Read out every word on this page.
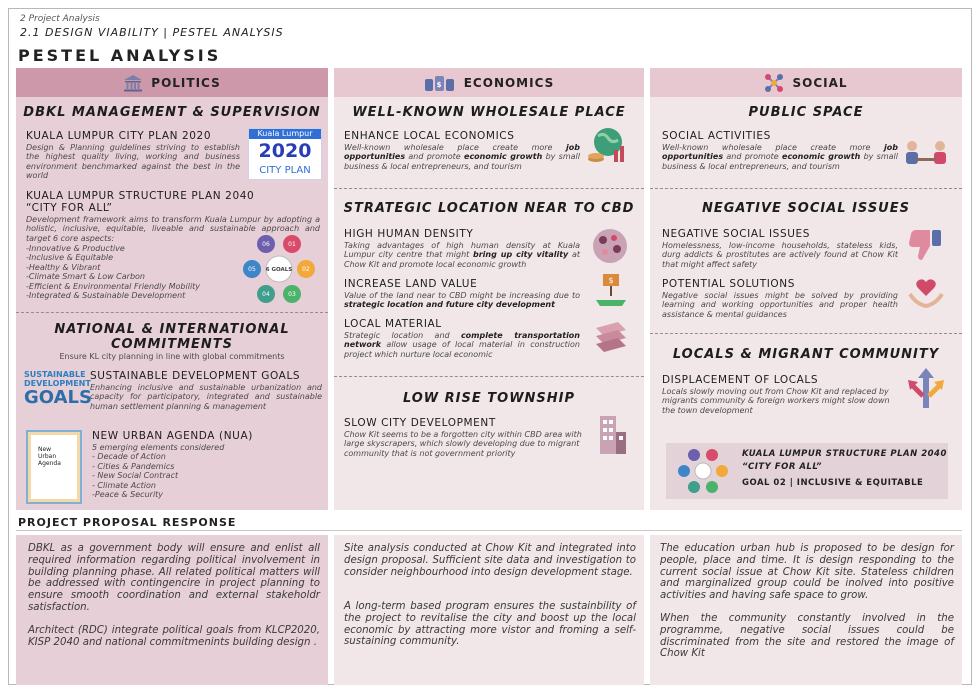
2 Project Analysis
2.1 DESIGN VIABILITY | PESTEL ANALYSIS
PESTEL ANALYSIS
POLITICS
DBKL MANAGEMENT & SUPERVISION
KUALA LUMPUR CITY PLAN 2020
Design & Planning guidelines striving to establish the highest quality living, working and business environment benchmarked against the best in the world
Kuala Lumpur
2020
CITY PLAN
KUALA LUMPUR STRUCTURE PLAN 2040
“CITY FOR ALL”
Development framework aims to transform Kuala Lumpur by adopting a holistic, inclusive, equitable, liveable and sustainable approach and target 6 core aspects:
-Innovative & Productive
-Inclusive & Equitable
-Healthy & Vibrant
-Climate Smart & Low Carbon
-Efficient & Environmental Friendly Mobility
-Integrated & Sustainable Development
06	01
02
03
04
05 6 GOALS
NATIONAL & INTERNATIONAL
COMMITMENTS
Ensure KL city planning in line with global commitments
SUSTAINABLE
DEVELOPMENT
GOALS
SUSTAINABLE DEVELOPMENT GOALS
Enhancing inclusive and sustainable urbanization and capacity for participatory, integrated and sustainable human settlement planning & management
New
Urban
Agenda
NEW URBAN AGENDA (NUA)
5 emerging elements considered
- Decade of Action
- Cities & Pandemics
- New Social Contract
- Climate Action
-Peace & Security
$ ECONOMICS
WELL-KNOWN WHOLESALE PLACE
ENHANCE LOCAL ECONOMICS
Well-known wholesale place create more job opportunities and promote economic growth by small business & local entrepreneurs, and tourism
STRATEGIC LOCATION NEAR TO CBD
HIGH HUMAN DENSITY
Taking advantages of high human density at Kuala Lumpur city centre that might bring up city vitality at Chow Kit and promote local economic growth
INCREASE LAND VALUE
Value of the land near to CBD might be increasing due to strategic location and future city development
$
LOCAL MATERIAL
Strategic location and complete transportation network allow usage of local material in construction project which nurture local economic
LOW RISE TOWNSHIP
SLOW CITY DEVELOPMENT
Chow Kit seems to be a forgotten city within CBD area with large skyscrapers, which slowly developing due to migrant community that is not government priority
SOCIAL
PUBLIC SPACE
SOCIAL ACTIVITIES
Well-known wholesale place create more job opportunities and promote economic growth by small business & local entrepreneurs, and tourism
NEGATIVE SOCIAL ISSUES
NEGATIVE SOCIAL ISSUES
Homelessness, low-income households, stateless kids, durg addicts & prostitutes are actively found at Chow Kit that might affect safety
POTENTIAL SOLUTIONS
Negative social issues might be solved by providing learning and working opportunities and proper health assistance & mental guidances
LOCALS & MIGRANT COMMUNITY
DISPLACEMENT OF LOCALS
Locals slowly moving out from Chow Kit and replaced by migrants community & foreign workers might slow down the town development
KUALA LUMPUR STRUCTURE PLAN 2040
“CITY FOR ALL”
GOAL 02 | INCLUSIVE & EQUITABLE
PROJECT PROPOSAL RESPONSE
DBKL as a government body will ensure and enlist all required information regarding political involvement in building planning phase. All related political matters will be addressed with contingencire in project planning to ensure smooth coordination and external stakeholdr satisfaction.
Architect (RDC) integrate political goals from KLCP2020, KISP 2040 and national commitmenints building design .
Site analysis conducted at Chow Kit and integrated into design proposal. Sufficient site data and investigation to consider neighbourhood into design development stage.
A long-term based program ensures the sustainbility of the project to revitalise the city and boost up the local economic by attracting more vistor and froming a self-sustaining community.
The education urban hub is proposed to be design for people, place and time. It is design responding to the current social issue at Chow Kit site. Stateless children and marginalized group could be inolved into positive activities and having safe space to grow.
When the community constantly involved in the programme, negative social issues could be discriminated from the site and restored the image of Chow Kit
